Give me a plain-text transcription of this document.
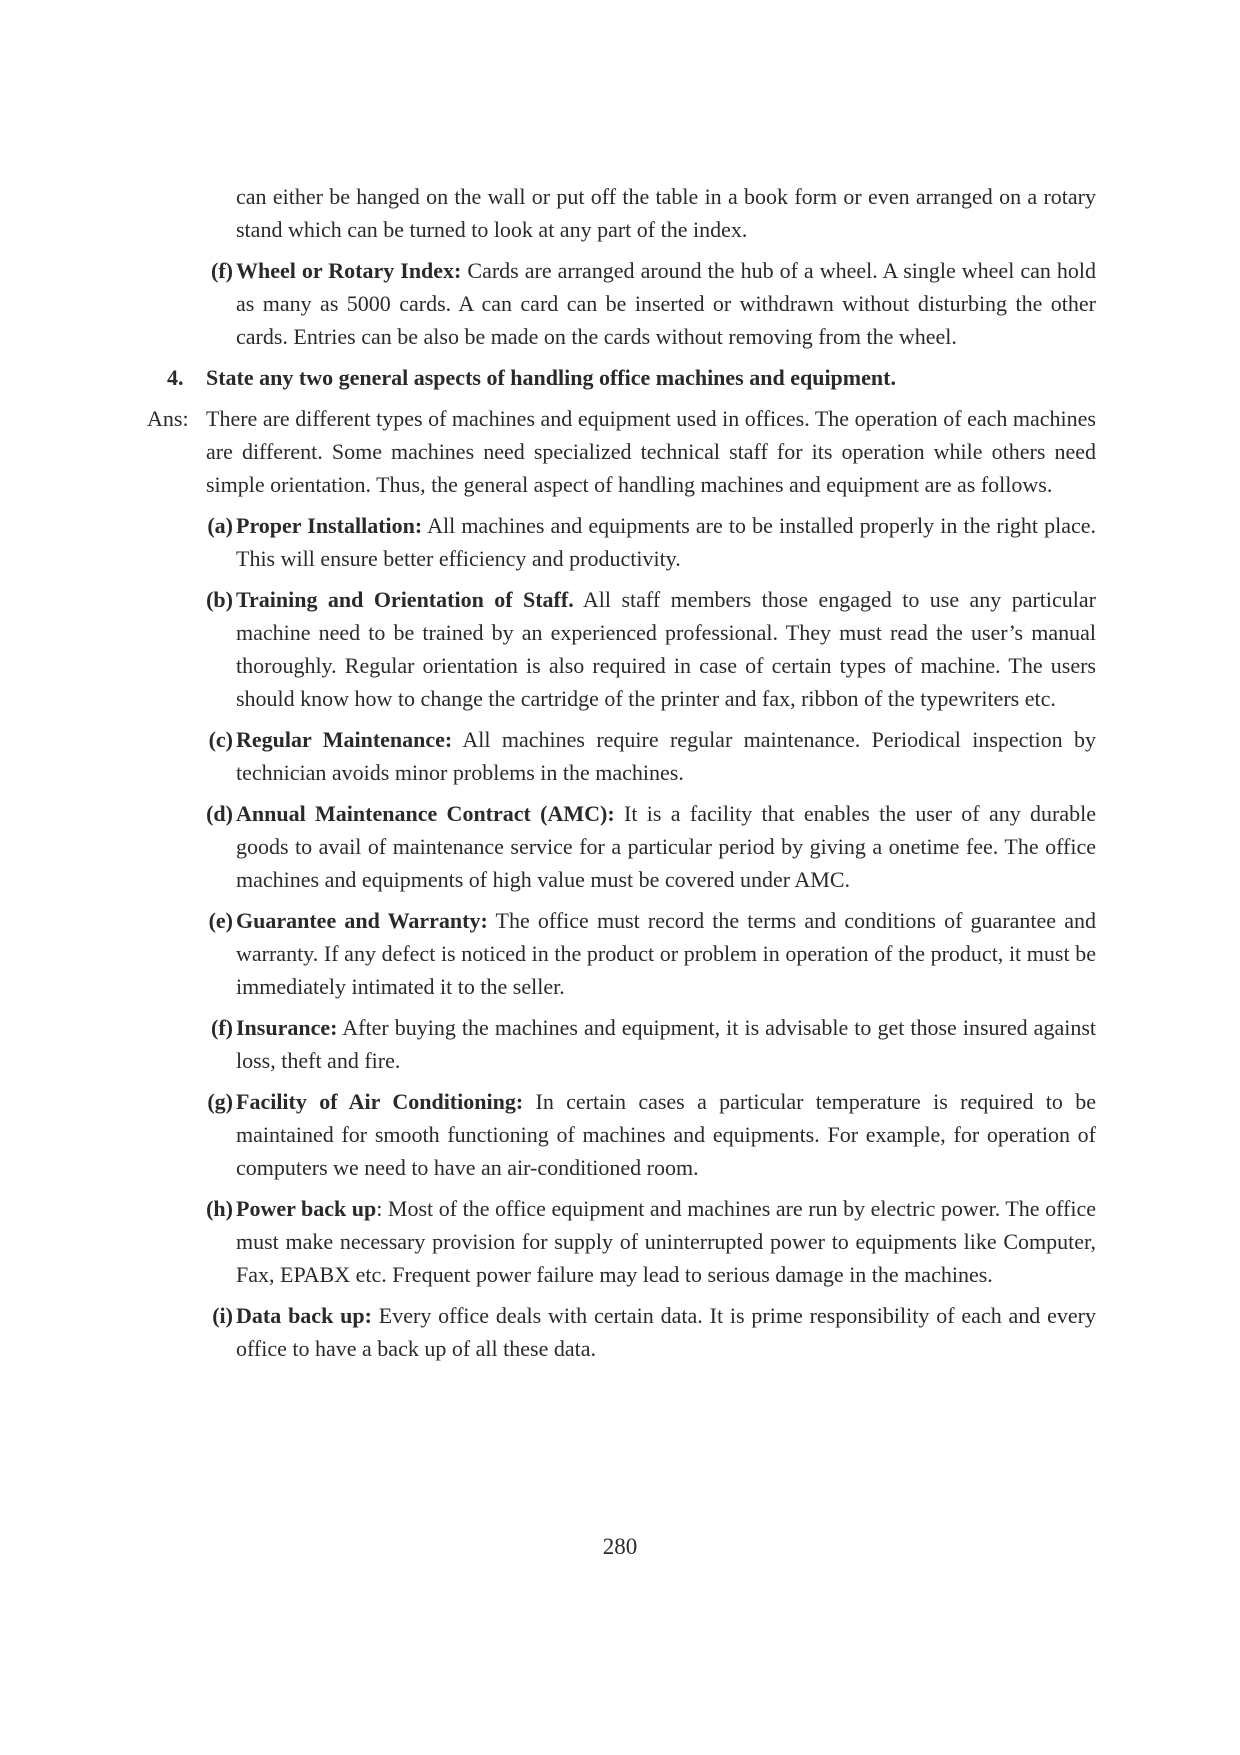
can either be hanged on the wall or put off the table in a book form or even arranged on a rotary stand which can be turned to look at any part of the index.

(f) Wheel or Rotary Index: Cards are arranged around the hub of a wheel. A single wheel can hold as many as 5000 cards. A can card can be inserted or withdrawn without disturbing the other cards. Entries can be also be made on the cards without removing from the wheel.

4. State any two general aspects of handling office machines and equipment.

Ans: There are different types of machines and equipment used in offices. The operation of each machines are different. Some machines need specialized technical staff for its operation while others need simple orientation. Thus, the general aspect of handling machines and equipment are as follows.

(a) Proper Installation: All machines and equipments are to be installed properly in the right place. This will ensure better efficiency and productivity.

(b) Training and Orientation of Staff. All staff members those engaged to use any particular machine need to be trained by an experienced professional. They must read the user’s manual thoroughly. Regular orientation is also required in case of certain types of machine. The users should know how to change the cartridge of the printer and fax, ribbon of the typewriters etc.

(c) Regular Maintenance: All machines require regular maintenance. Periodical inspection by technician avoids minor problems in the machines.

(d) Annual Maintenance Contract (AMC): It is a facility that enables the user of any durable goods to avail of maintenance service for a particular period by giving a onetime fee. The office machines and equipments of high value must be covered under AMC.

(e) Guarantee and Warranty: The office must record the terms and conditions of guarantee and warranty. If any defect is noticed in the product or problem in operation of the product, it must be immediately intimated it to the seller.

(f) Insurance: After buying the machines and equipment, it is advisable to get those insured against loss, theft and fire.

(g) Facility of Air Conditioning: In certain cases a particular temperature is required to be maintained for smooth functioning of machines and equipments. For example, for operation of computers we need to have an air-conditioned room.

(h) Power back up: Most of the office equipment and machines are run by electric power. The office must make necessary provision for supply of uninterrupted power to equipments like Computer, Fax, EPABX etc. Frequent power failure may lead to serious damage in the machines.

(i) Data back up: Every office deals with certain data. It is prime responsibility of each and every office to have a back up of all these data.

280
